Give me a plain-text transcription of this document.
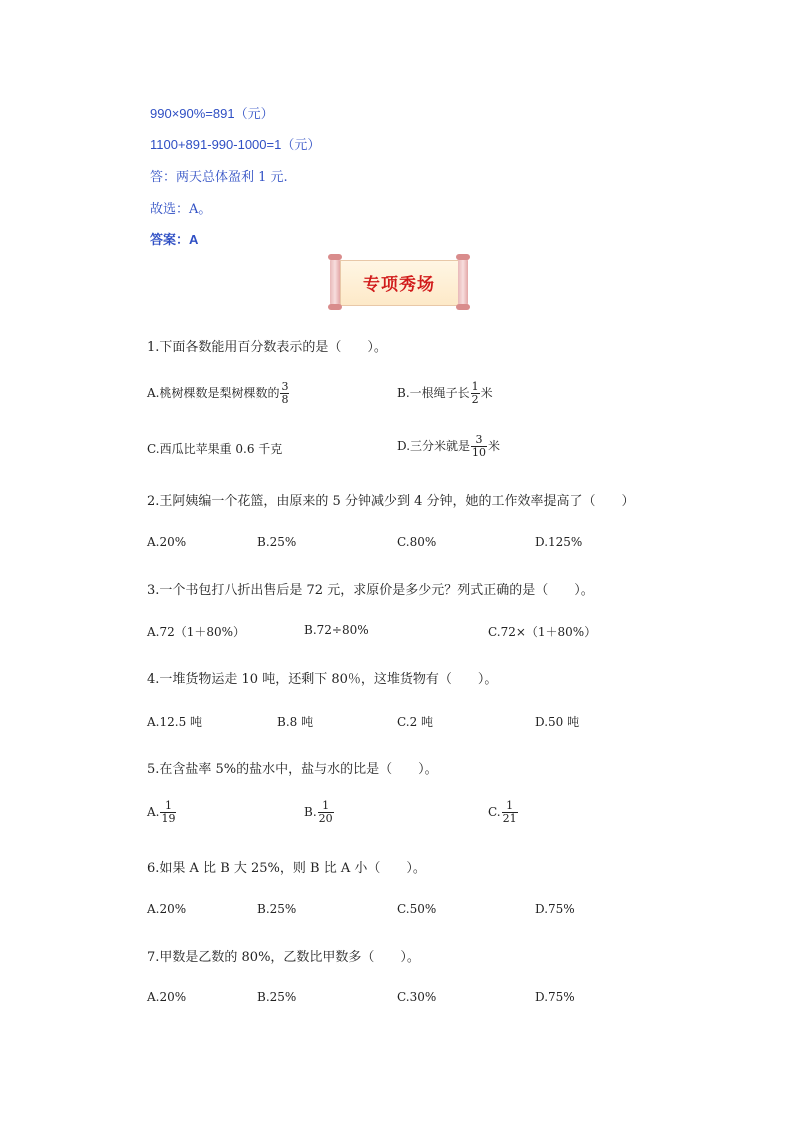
990×90%=891（元）
1100+891-990-1000=1（元）
答：两天总体盈利 1 元.
故选：A。
答案：A
专项秀场
1.下面各数能用百分数表示的是（　　）。
A.桃树棵数是梨树棵数的 $\frac{3}{8}$	B.一根绳子长 $\frac{1}{2}$ 米
C.西瓜比苹果重 0.6 千克	D.三分米就是 $\frac{3}{10}$ 米
2.王阿姨编一个花篮，由原来的 5 分钟减少到 4 分钟，她的工作效率提高了（　　）
A.20%	B.25%	C.80%	D.125%
3.一个书包打八折出售后是 72 元，求原价是多少元？列式正确的是（　　）。
A.72（1＋80%）	B.72÷80%	C.72×（1＋80%）
4.一堆货物运走 10 吨，还剩下 80％，这堆货物有（　　）。
A.12.5 吨	B.8 吨	C.2 吨	D.50 吨
5.在含盐率 5%的盐水中，盐与水的比是（　　）。
A. $\frac{1}{19}$	B. $\frac{1}{20}$	C. $\frac{1}{21}$
6.如果 A 比 B 大 25%，则 B 比 A 小（　　）。
A.20%	B.25%	C.50%	D.75%
7.甲数是乙数的 80%，乙数比甲数多（　　）。
A.20%	B.25%	C.30%	D.75%
